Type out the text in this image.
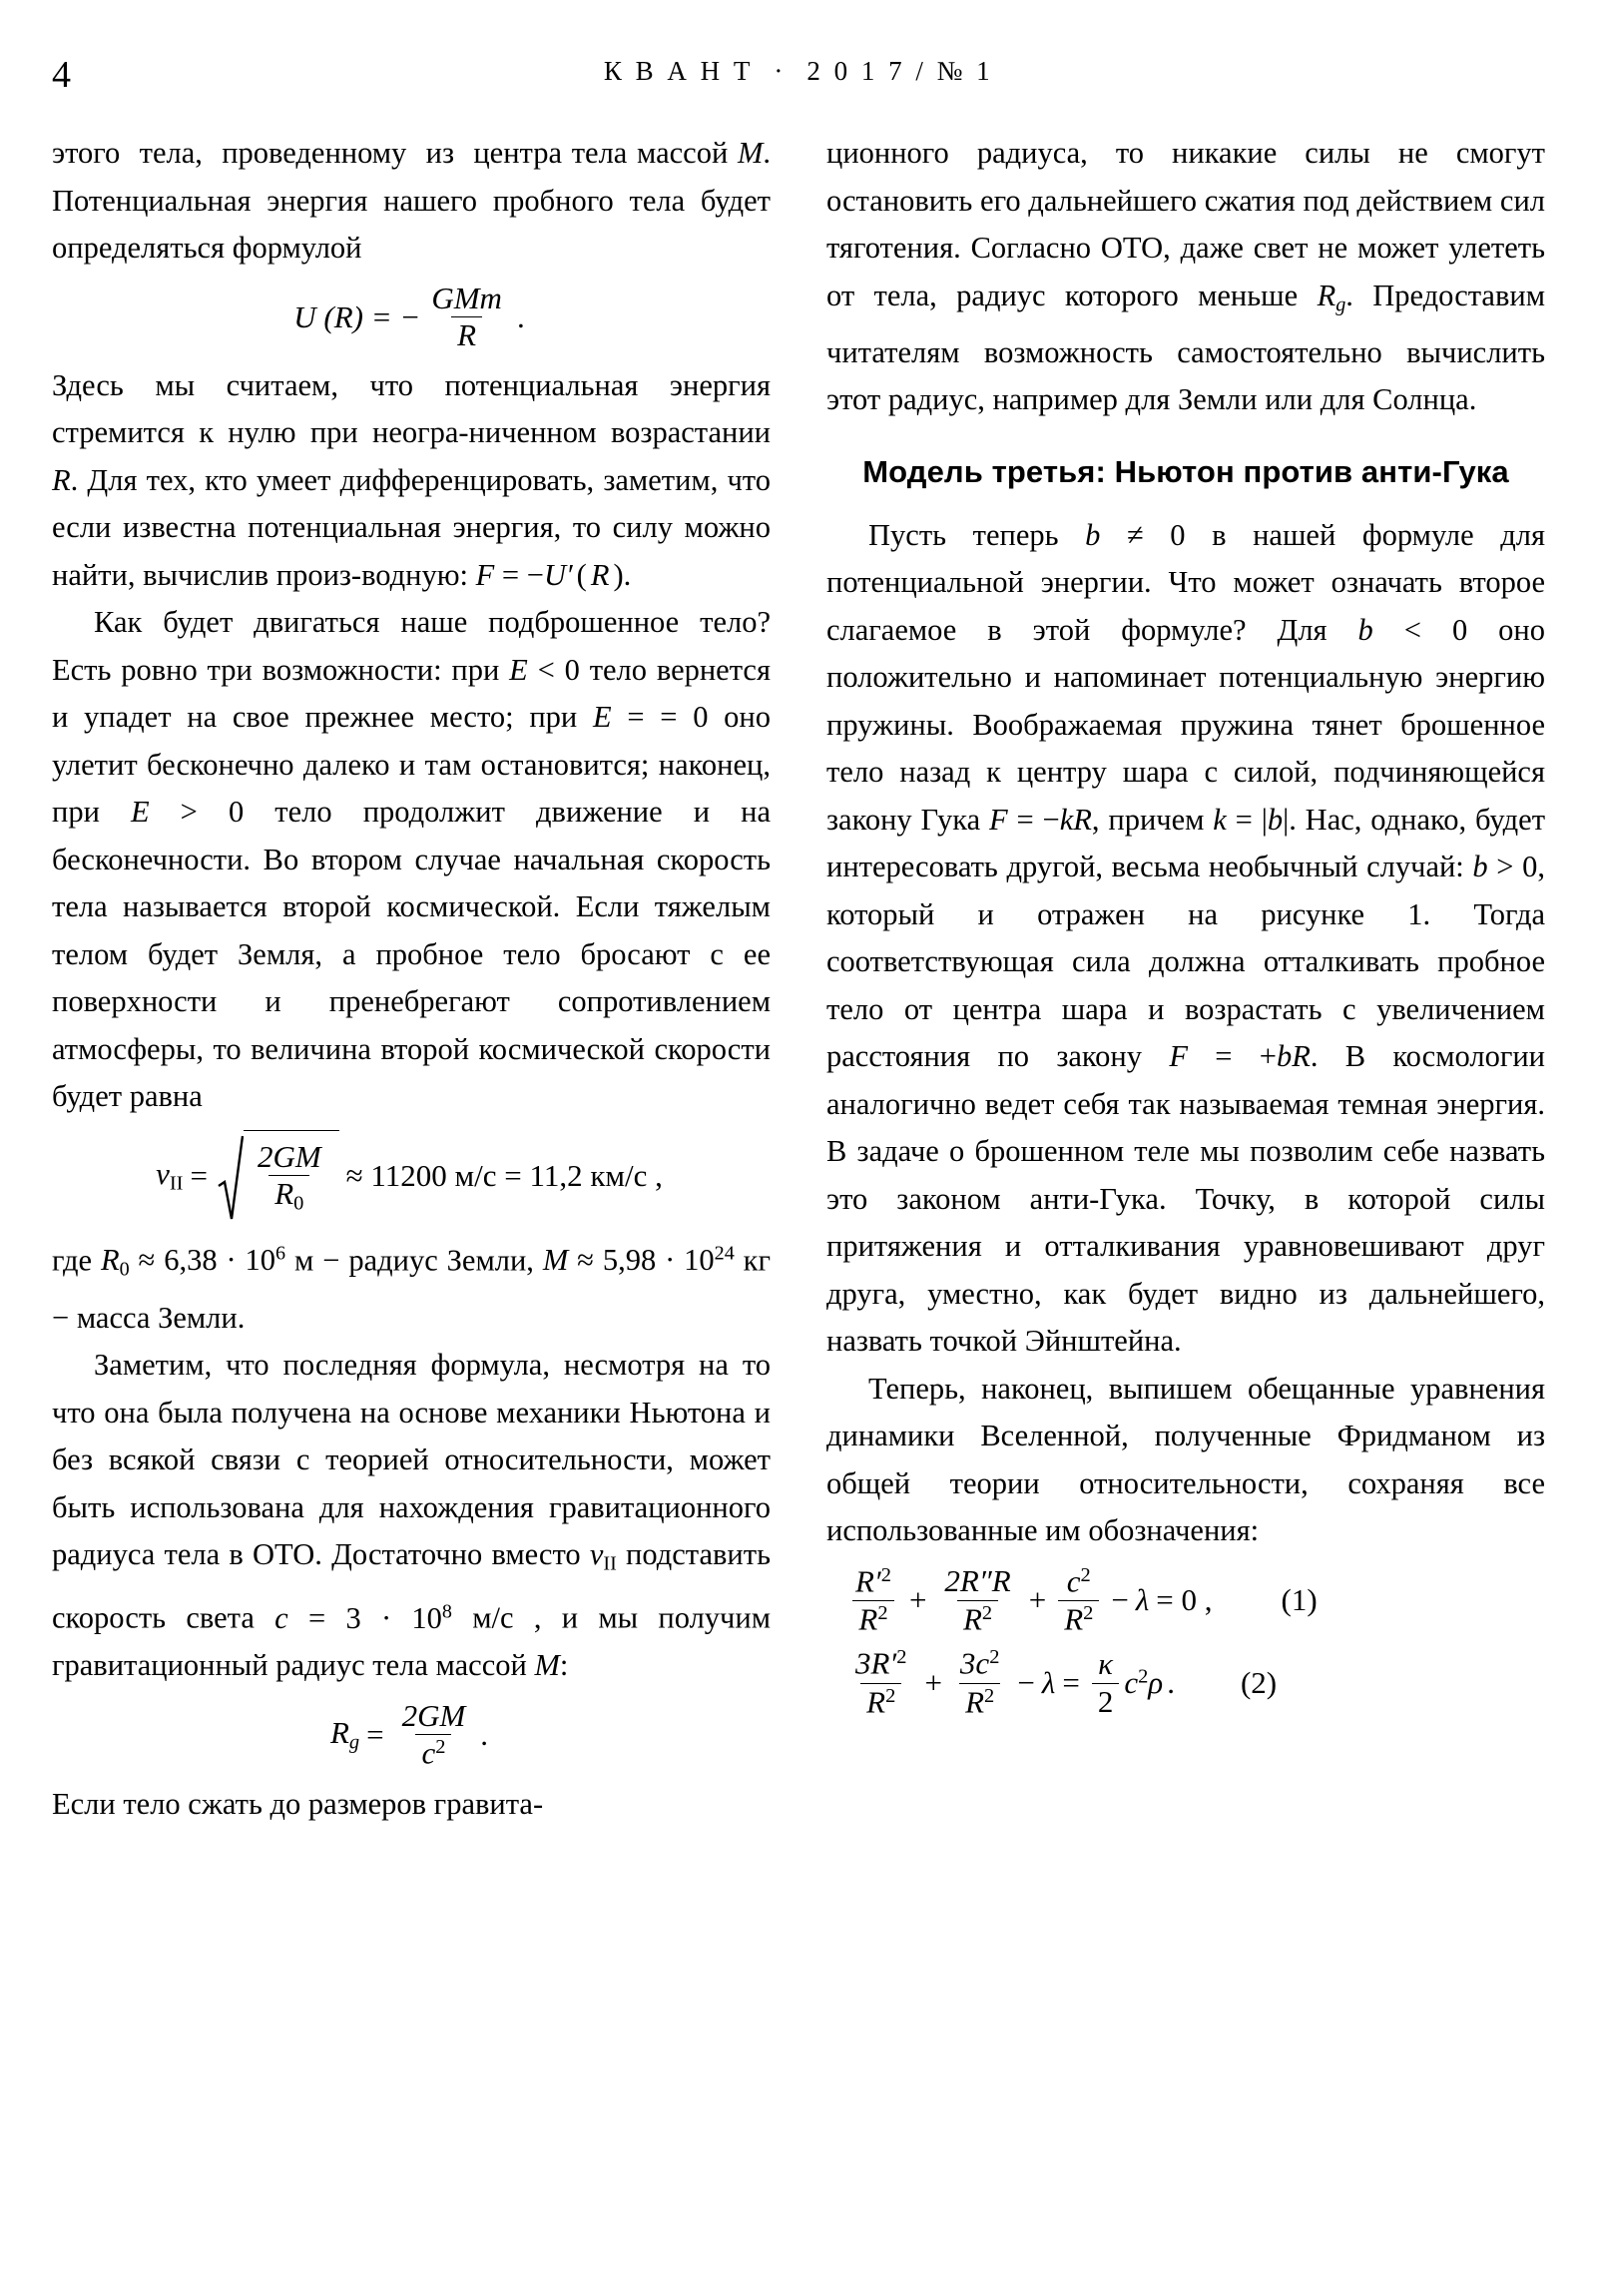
4	К В А Н Т  ·  2 0 1 7 / № 1

этого  тела,  проведенному  из  центра тела массой M. Потенциальная энергия нашего пробного тела будет определяться формулой

U (R) = − $\frac{\text{GMm}}{R}$ .

Здесь мы считаем, что потенциальная энергия стремится к нулю при неогра-ниченном возрастании R. Для тех, кто умеет дифференцировать, заметим, что если известна потенциальная энергия, то силу можно найти, вычислив произ-водную: F = −U′ ( R ).

Как будет двигаться наше подброшенное тело? Есть ровно три возможности: при E < 0 тело вернется и упадет на свое прежнее место; при E = = 0 оно улетит бесконечно далеко и там остановится; наконец, при E > 0 тело продолжит движение и на бесконечности. Во втором случае начальная скорость тела называется второй космической. Если тяжелым телом будет Земля, а пробное тело бросают с ее поверхности и пренебрегают сопротивлением атмосферы, то величина второй космической скорости будет равна

vII = $\frac{2GM}{R0} \approx 11200$ м/с = 11,2 км/с ,

где $R0 \approx 6,38 \cdot 10^6$ м − радиус Земли, $M \approx 5,98 \cdot 10^{24}$ кг − масса Земли.

Заметим, что последняя формула, несмотря на то что она была получена на основе механики Ньютона и без всякой связи с теорией относительности, может быть использована для нахождения гравитационного радиуса тела в ОТО. Достаточно вместо vII подставить скорость света $c = 3 \cdot 10^8$ м/с , и мы получим гравитационный радиус тела массой M:

$R_g = \frac{2GM}{c^2}$ .

Если тело сжать до размеров гравита-

ционного радиуса, то никакие силы не смогут остановить его дальнейшего сжатия под действием сил тяготения. Согласно ОТО, даже свет не может улететь от тела, радиус которого меньше $R_g$. Предоставим читателям возможность самостоятельно вычислить этот радиус, например для Земли или для Солнца.

Модель третья: Ньютон против анти-Гука

Пусть теперь b ≠ 0 в нашей формуле для потенциальной энергии. Что может означать второе слагаемое в этой формуле? Для b < 0 оно положительно и напоминает потенциальную энергию пружины. Воображаемая пружина тянет брошенное тело назад к центру шара с силой, подчиняющейся закону Гука F = −kR, причем k = |b|. Нас, однако, будет интересовать другой, весьма необычный случай: b > 0, который и отражен на рисунке 1. Тогда соответствующая сила должна отталкивать пробное тело от центра шара и возрастать с увеличением расстояния по закону F = +bR. В космологии аналогично ведет себя так называемая темная энергия. В задаче о брошенном теле мы позволим себе назвать это законом анти-Гука. Точку, в которой силы притяжения и отталкивания уравновешивают друг друга, уместно, как будет видно из дальнейшего, назвать точкой Эйнштейна.

Теперь, наконец, выпишем обещанные уравнения динамики Вселенной, полученные Фридманом из общей теории относительности, сохраняя все использованные им обозначения:

$\frac{R'^2}{R^2} + \frac{2R''R}{R^2} + \frac{c^2}{R^2} - \lambda = 0$ , (1)
$\frac{3R'^2}{R^2} + \frac{3c^2}{R^2} - \lambda = \frac{\kappa}{2} c^2\rho$ . (2)
